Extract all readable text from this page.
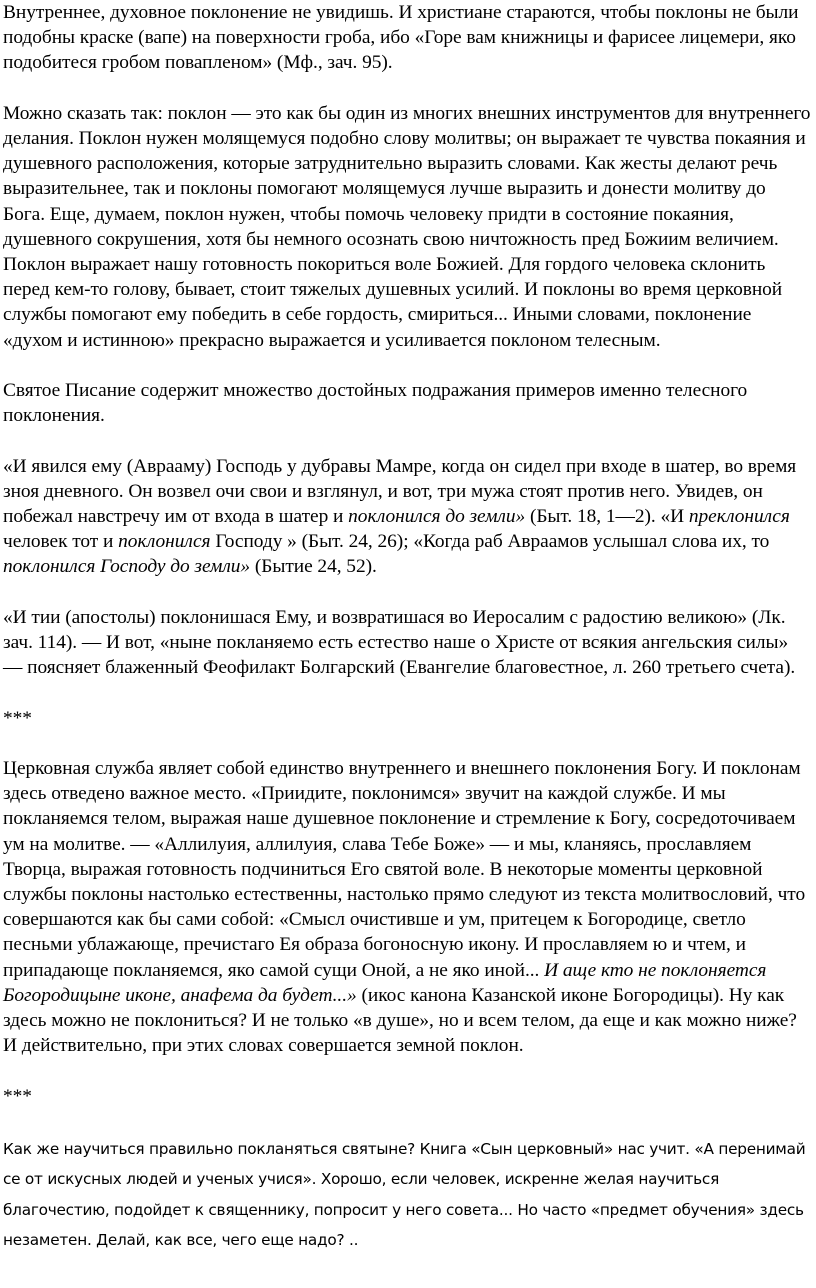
Внутреннее, духовное поклонение не увидишь. И христиане стараются, чтобы поклоны не были подобны краске (вапе) на поверхности гроба, ибо «Горе вам книжницы и фарисее лицемери, яко подобитеся гробом повапленом» (Мф., зач. 95).

Можно сказать так: поклон — это как бы один из многих внешних инструментов для внутреннего делания. Поклон нужен молящемуся подобно слову молитвы; он выражает те чувства покаяния и душевного расположения, которые затруднительно выразить словами. Как жесты делают речь выразительнее, так и поклоны помогают молящемуся лучше выразить и донести молитву до Бога. Еще, думаем, поклон нужен, чтобы помочь человеку придти в состояние покаяния, душевного сокрушения, хотя бы немного осознать свою ничтожность пред Божиим величием. Поклон выражает нашу готовность покориться воле Божией. Для гордого человека склонить перед кем-то голову, бывает, стоит тяжелых душевных усилий. И поклоны во время церковной службы помогают ему победить в себе гордость, смириться... Иными словами, поклонение «духом и истинною» прекрасно выражается и усиливается поклоном телесным.

Святое Писание содержит множество достойных подражания примеров именно телесного поклонения.

«И явился ему (Аврааму) Господь у дубравы Мамре, когда он сидел при входе в шатер, во время зноя дневного. Он возвел очи свои и взглянул, и вот, три мужа стоят против него. Увидев, он побежал навстречу им от входа в шатер и поклонился до земли» (Быт. 18, 1—2). «И преклонился человек тот и поклонился Господу » (Быт. 24, 26); «Когда раб Авраамов услышал слова их, то поклонился Господу до земли» (Бытие 24, 52).

«И тии (апостолы) поклонишася Ему, и возвратишася во Иеросалим с радостию великою» (Лк. зач. 114). — И вот, «ныне покланяемо есть естество наше о Христе от всякия ангельския силы» — поясняет блаженный Феофилакт Болгарский (Евангелие благовестное, л. 260 третьего счета).

***

Церковная служба являет собой единство внутреннего и внешнего поклонения Богу. И поклонам здесь отведено важное место. «Приидите, поклонимся» звучит на каждой службе. И мы покланяемся телом, выражая наше душевное поклонение и стремление к Богу, сосредоточиваем ум на молитве. — «Аллилуия, аллилуия, слава Тебе Боже» — и мы, кланяясь, прославляем Творца, выражая готовность подчиниться Его святой воле. В некоторые моменты церковной службы поклоны настолько естественны, настолько прямо следуют из текста молитвословий, что совершаются как бы сами собой: «Смысл очистивше и ум, притецем к Богородице, светло песньми ублажающе, пречистаго Ея образа богоносную икону. И прославляем ю и чтем, и припадающе покланяемся, яко самой сущи Оной, а не яко иной... И аще кто не поклоняется Богородицыне иконе, анафема да будет...» (икос канона Казанской иконе Богородицы). Ну как здесь можно не поклониться? И не только «в душе», но и всем телом, да еще и как можно ниже? И действительно, при этих словах совершается земной поклон.

***

Как же научиться правильно покланяться святыне? Книга «Сын церковный» нас учит. «А перенимай се от искусных людей и ученых учися». Хорошо, если человек, искренне желая научиться благочестию, подойдет к священнику, попросит у него совета... Но часто «предмет обучения» здесь незаметен. Делай, как все, чего еще надо? ..
